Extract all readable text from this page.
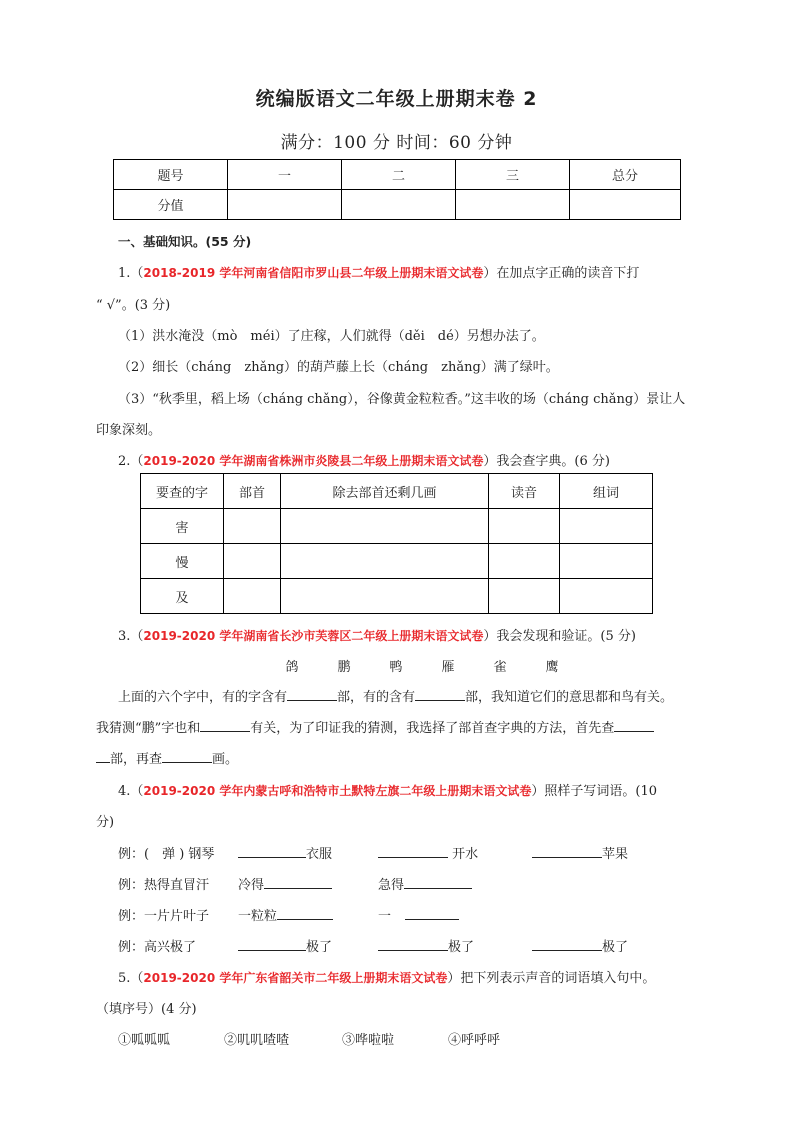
统编版语文二年级上册期末卷 2
满分：100 分 时间：60 分钟
题号	一	二	三	总分
分值				
一、基础知识。(55 分)
1.（2018-2019 学年河南省信阳市罗山县二年级上册期末语文试卷）在加点字正确的读音下打
“ √”。(3 分)
（1）洪水淹没（mò　méi）了庄稼，人们就得（děi　dé）另想办法了。
（2）细长（cháng　zhǎng）的葫芦藤上长（cháng　zhǎng）满了绿叶。
（3）“秋季里，稻上场（cháng chǎng），谷像黄金粒粒香。”这丰收的场（cháng chǎng）景让人
印象深刻。
2.（2019-2020 学年湖南省株洲市炎陵县二年级上册期末语文试卷）我会查字典。(6 分)
要查的字	部首	除去部首还剩几画	读音	组词
害				
慢				
及				
3.（2019-2020 学年湖南省长沙市芙蓉区二年级上册期末语文试卷）我会发现和验证。(5 分)
鸽	鹏	鸭	雁	雀	鹰
上面的六个字中，有的字含有	部，有的含有	部，我知道它们的意思都和鸟有关。
我猜测“鹏”字也和	有关，为了印证我的猜测，我选择了部首查字典的方法，首先查
部，再查	画。
4.（2019-2020 学年内蒙古呼和浩特市土默特左旗二年级上册期末语文试卷）照样子写词语。(10
分)
例：(　弹 ) 钢琴	衣服	开水	苹果
例：热得直冒汗 冷得	急得
例：一片片叶子 一粒粒	一
例：高兴极了	极了	极了	极了
5.（2019-2020 学年广东省韶关市二年级上册期末语文试卷）把下列表示声音的词语填入句中。
（填序号）(4 分)
①呱呱呱	②叽叽喳喳	③哗啦啦	④呼呼呼
